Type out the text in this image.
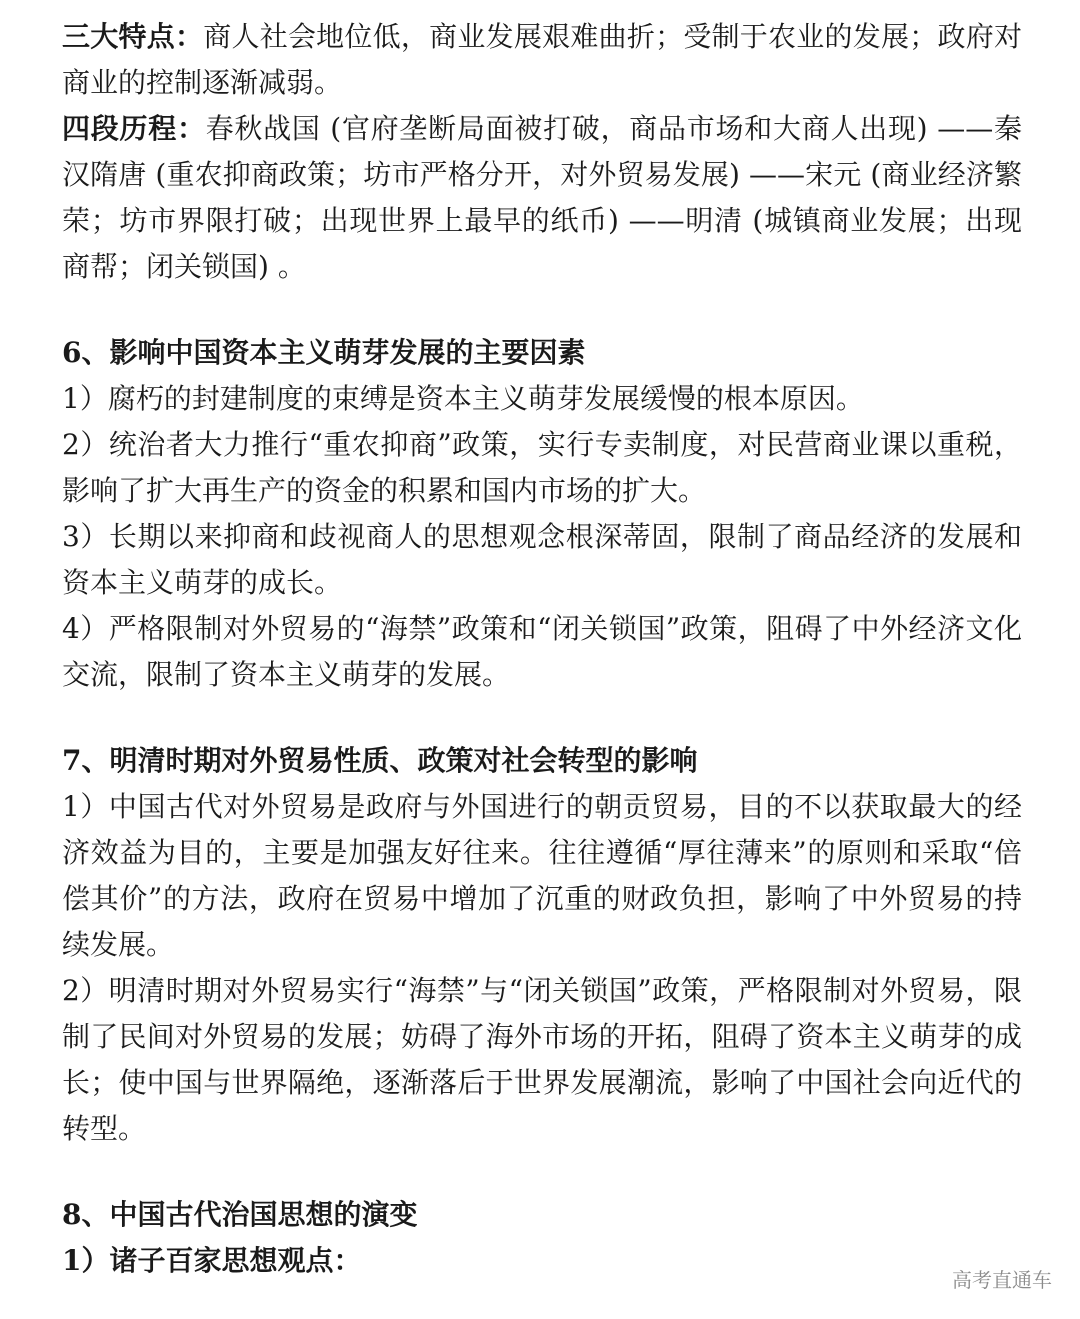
三大特点：商人社会地位低，商业发展艰难曲折；受制于农业的发展；政府对商业的控制逐渐减弱。

四段历程：春秋战国 (官府垄断局面被打破，商品市场和大商人出现) ——秦汉隋唐 (重农抑商政策；坊市严格分开，对外贸易发展) ——宋元 (商业经济繁荣；坊市界限打破；出现世界上最早的纸币) ——明清 (城镇商业发展；出现商帮；闭关锁国) 。

6、影响中国资本主义萌芽发展的主要因素

1）腐朽的封建制度的束缚是资本主义萌芽发展缓慢的根本原因。

2）统治者大力推行“重农抑商”政策，实行专卖制度，对民营商业课以重税，影响了扩大再生产的资金的积累和国内市场的扩大。

3）长期以来抑商和歧视商人的思想观念根深蒂固，限制了商品经济的发展和资本主义萌芽的成长。

4）严格限制对外贸易的“海禁”政策和“闭关锁国”政策，阻碍了中外经济文化交流，限制了资本主义萌芽的发展。

7、明清时期对外贸易性质、政策对社会转型的影响

1）中国古代对外贸易是政府与外国进行的朝贡贸易，目的不以获取最大的经济效益为目的，主要是加强友好往来。往往遵循“厚往薄来”的原则和采取“倍偿其价”的方法，政府在贸易中增加了沉重的财政负担，影响了中外贸易的持续发展。

2）明清时期对外贸易实行“海禁”与“闭关锁国”政策，严格限制对外贸易，限制了民间对外贸易的发展；妨碍了海外市场的开拓，阻碍了资本主义萌芽的成长；使中国与世界隔绝，逐渐落后于世界发展潮流，影响了中国社会向近代的转型。

8、中国古代治国思想的演变

1）诸子百家思想观点：

高考直通车
